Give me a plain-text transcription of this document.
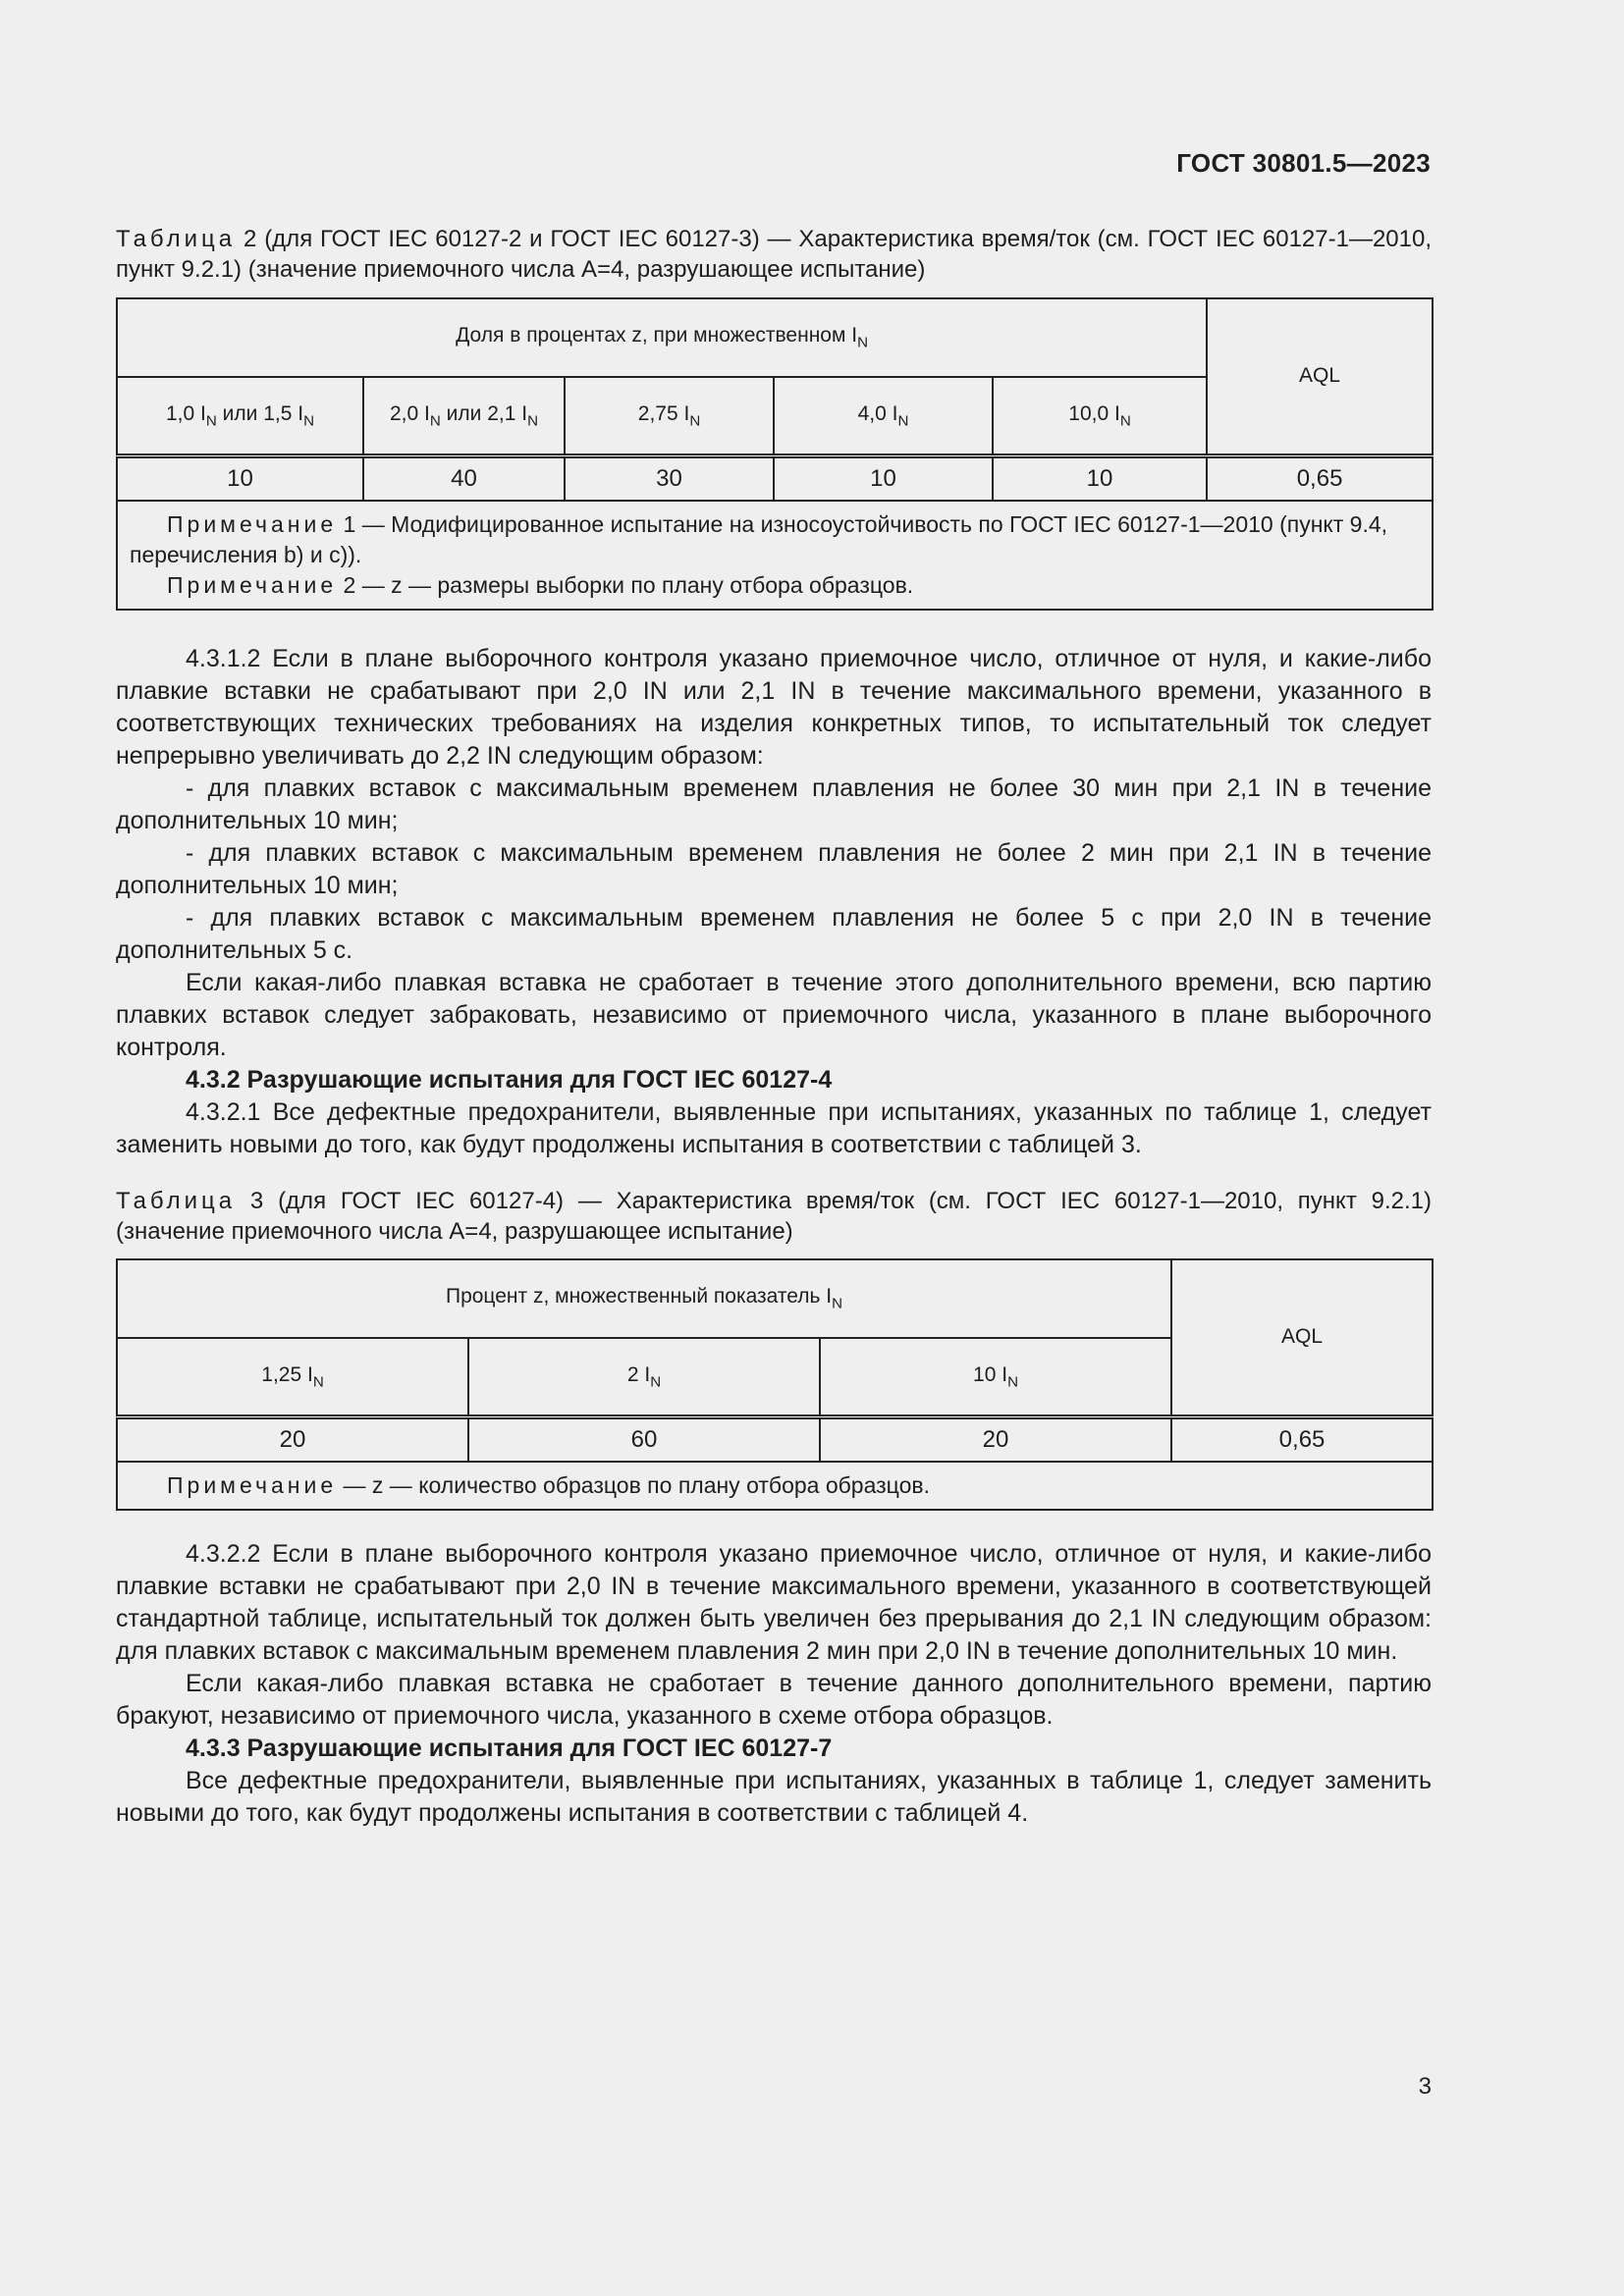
ГОСТ 30801.5—2023
Таблица 2 (для ГОСТ IEC 60127-2 и ГОСТ IEC 60127-3) — Характеристика время/ток (см. ГОСТ IEC 60127-1—2010, пункт 9.2.1) (значение приемочного числа A=4, разрушающее испытание)
Доля в процентах z, при множественном $I_N$					AQL
1,0 $I_N$ или 1,5 $I_N$	2,0 $I_N$ или 2,1 $I_N$	2,75 $I_N$	4,0 $I_N$	10,0 $I_N$
10	40	30	10	10	0,65

Примечание 1 — Модифицированное испытание на износоустойчивость по ГОСТ IEC 60127-1—2010 (пункт 9.4, перечисления b) и c)).
Примечание 2 — z — размеры выборки по плану отбора образцов.					

4.3.1.2 Если в плане выборочного контроля указано приемочное число, отличное от нуля, и какие-либо плавкие вставки не срабатывают при 2,0 IN или 2,1 IN в течение максимального времени, указанного в соответствующих технических требованиях на изделия конкретных типов, то испытательный ток следует непрерывно увеличивать до 2,2 IN следующим образом:

- для плавких вставок с максимальным временем плавления не более 30 мин при 2,1 IN в течение дополнительных 10 мин;

- для плавких вставок с максимальным временем плавления не более 2 мин при 2,1 IN в течение дополнительных 10 мин;

- для плавких вставок с максимальным временем плавления не более 5 с при 2,0 IN в течение дополнительных 5 с.

Если какая-либо плавкая вставка не сработает в течение этого дополнительного времени, всю партию плавких вставок следует забраковать, независимо от приемочного числа, указанного в плане выборочного контроля.

4.3.2 Разрушающие испытания для ГОСТ IEC 60127-4

4.3.2.1 Все дефектные предохранители, выявленные при испытаниях, указанных по таблице 1, следует заменить новыми до того, как будут продолжены испытания в соответствии с таблицей 3.

Таблица 3 (для ГОСТ IEC 60127-4) — Характеристика время/ток (см. ГОСТ IEC 60127-1—2010, пункт 9.2.1) (значение приемочного числа A=4, разрушающее испытание)
Процент z, множественный показатель $I_N$			AQL
1,25 $I_N$	2 $I_N$	10 $I_N$
20	60	20	0,65

Примечание — z — количество образцов по плану отбора образцов.			

4.3.2.2 Если в плане выборочного контроля указано приемочное число, отличное от нуля, и какие-либо плавкие вставки не срабатывают при 2,0 IN в течение максимального времени, указанного в соответствующей стандартной таблице, испытательный ток должен быть увеличен без прерывания до 2,1 IN следующим образом: для плавких вставок с максимальным временем плавления 2 мин при 2,0 IN в течение дополнительных 10 мин.

Если какая-либо плавкая вставка не сработает в течение данного дополнительного времени, партию бракуют, независимо от приемочного числа, указанного в схеме отбора образцов.

4.3.3 Разрушающие испытания для ГОСТ IEC 60127-7

Все дефектные предохранители, выявленные при испытаниях, указанных в таблице 1, следует заменить новыми до того, как будут продолжены испытания в соответствии с таблицей 4.

3
